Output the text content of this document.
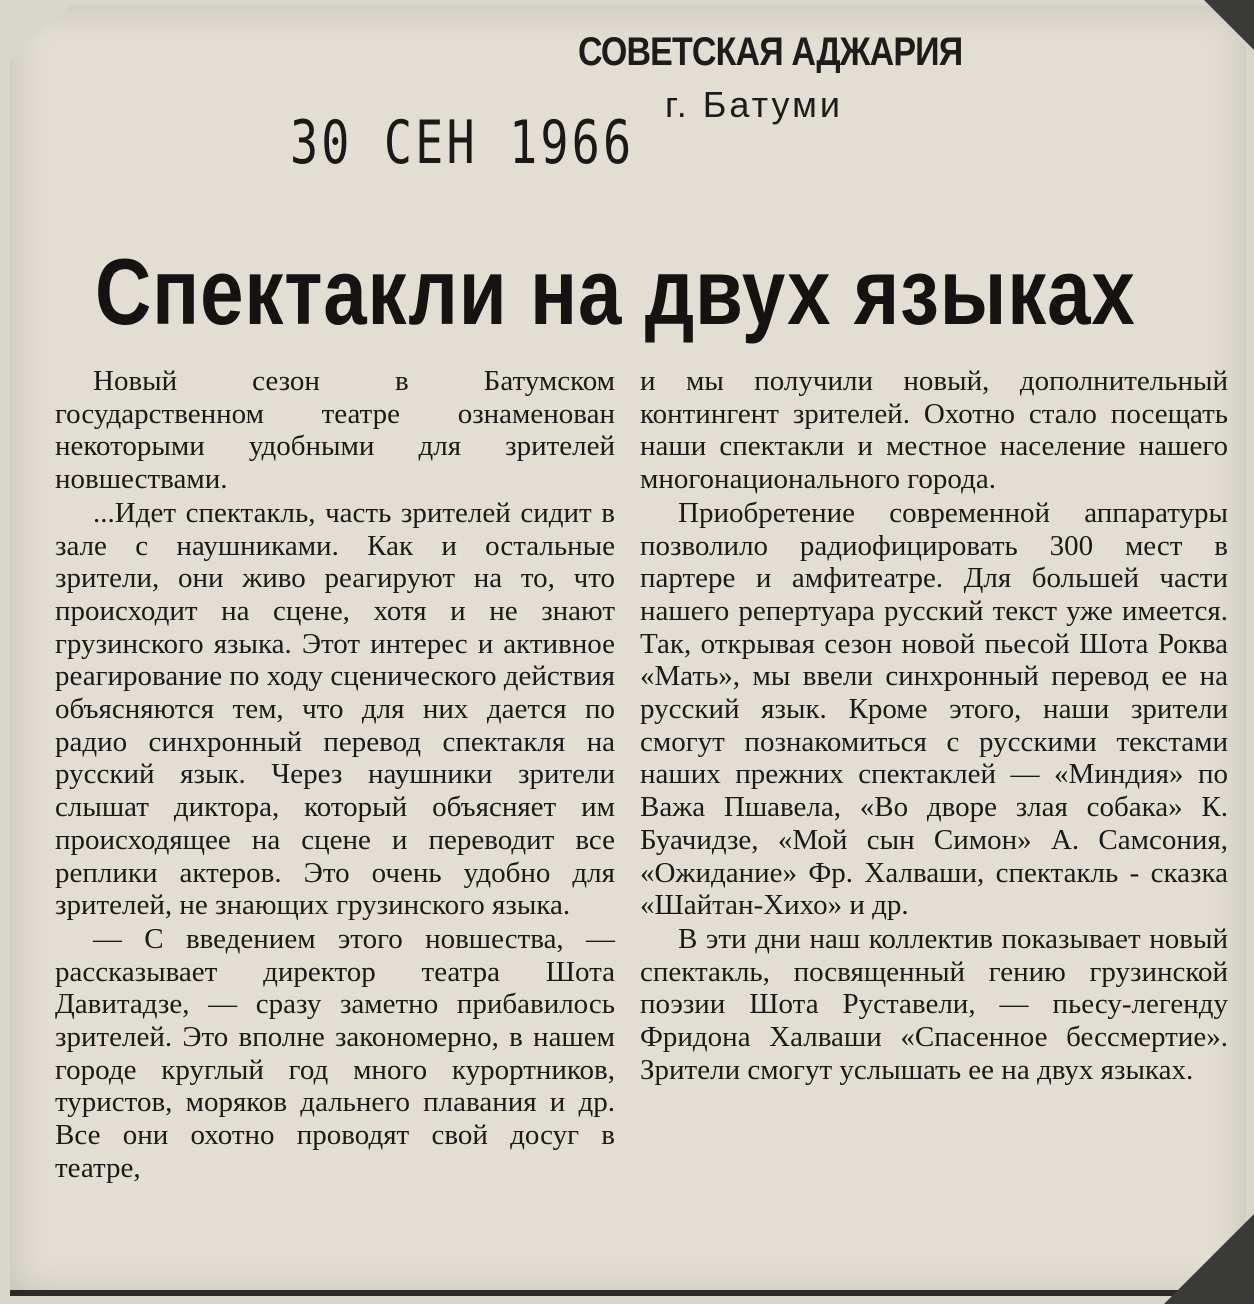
СОВЕТСКАЯ АДЖАРИЯ
г. Батуми
30 СЕН 1966
Спектакли на двух языках

Новый сезон в Батумском государственном театре ознаменован некоторыми удобными для зрителей новшествами.

...Идет спектакль, часть зрителей сидит в зале с наушниками. Как и остальные зрители, они живо реагируют на то, что происходит на сцене, хотя и не знают грузинского языка. Этот интерес и активное реагирование по ходу сценического действия объясняются тем, что для них дается по радио синхронный перевод спектакля на русский язык. Через наушники зрители слышат диктора, который объясняет им происходящее на сцене и переводит все реплики актеров. Это очень удобно для зрителей, не знающих грузинского языка.

— С введением этого новшества, — рассказывает директор театра Шота Давитадзе, — сразу заметно прибавилось зрителей. Это вполне закономерно, в нашем городе круглый год много курортников, туристов, моряков дальнего плавания и др. Все они охотно проводят свой досуг в театре,

и мы получили новый, дополнительный контингент зрителей. Охотно стало посещать наши спектакли и местное население нашего многонационального города.

Приобретение современной аппаратуры позволило радиофицировать 300 мест в партере и амфитеатре. Для большей части нашего репертуара русский текст уже имеется. Так, открывая сезон новой пьесой Шота Роква «Мать», мы ввели синхронный перевод ее на русский язык. Кроме этого, наши зрители смогут познакомиться с русскими текстами наших прежних спектаклей — «Миндия» по Важа Пшавела, «Во дворе злая собака» К. Буачидзе, «Мой сын Симон» А. Самсония, «Ожидание» Фр. Халваши, спектакль - сказка «Шайтан-Хихо» и др.

В эти дни наш коллектив показывает новый спектакль, посвященный гению грузинской поэзии Шота Руставели, — пьесу-легенду Фридона Халваши «Спасенное бессмертие». Зрители смогут услышать ее на двух языках.
